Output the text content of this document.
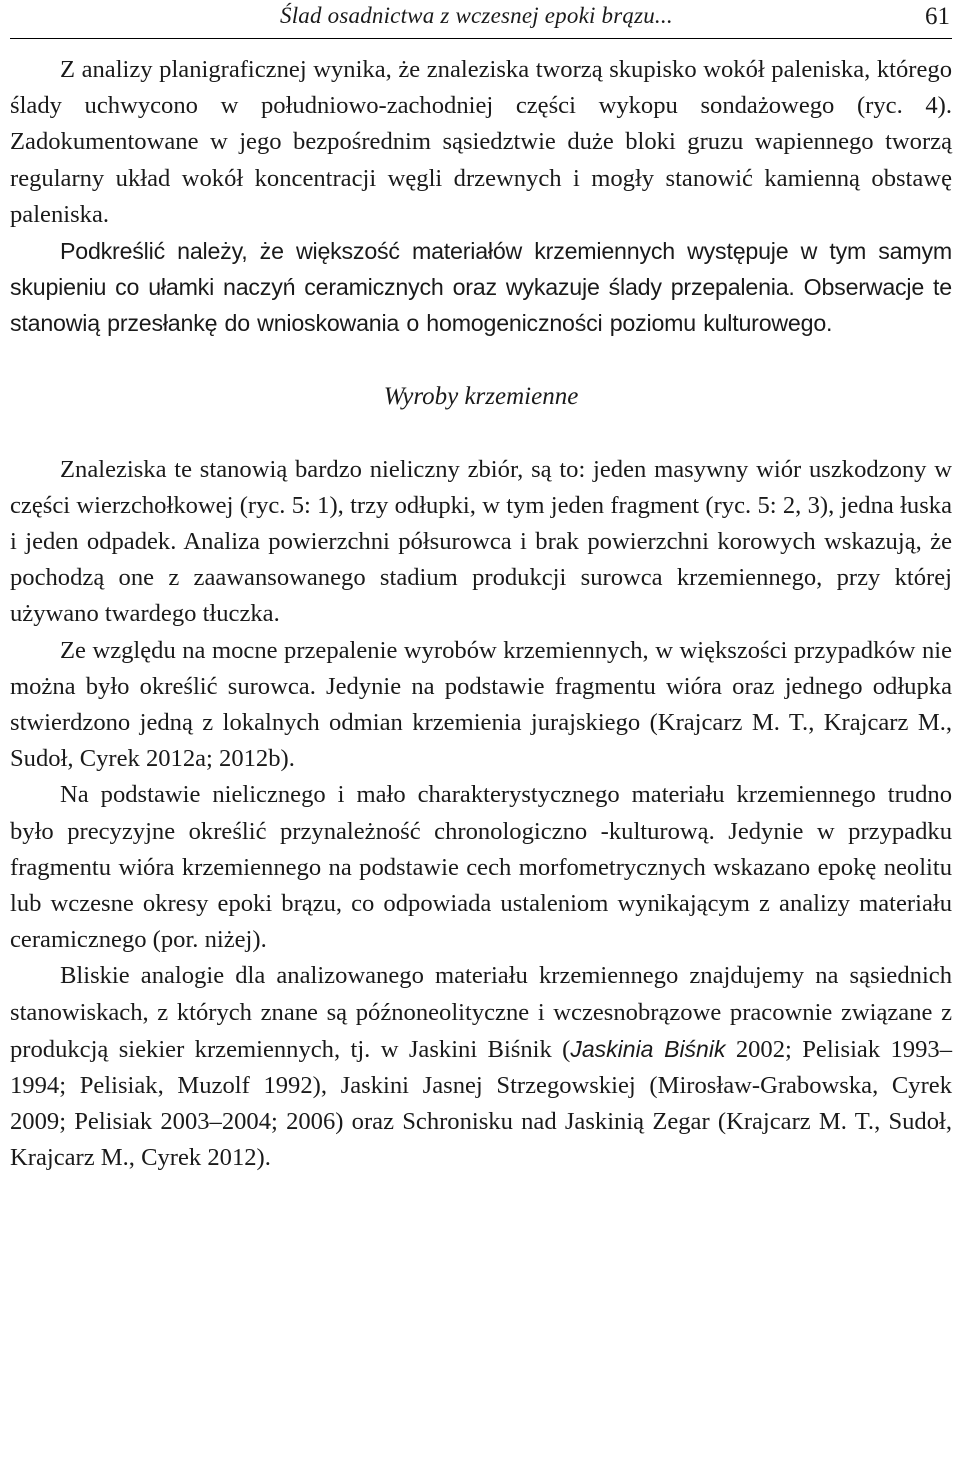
Ślad osadnictwa z wczesnej epoki brązu...	61

Z analizy planigraficznej wynika, że znaleziska tworzą skupisko wokół paleniska, którego ślady uchwycono w południowo-zachodniej części wykopu sondażowego (ryc. 4). Zadokumentowane w jego bezpośrednim sąsiedztwie duże bloki gruzu wapiennego tworzą regularny układ wokół koncentracji węgli drzewnych i mogły stanowić kamienną obstawę paleniska.

Podkreślić należy, że większość materiałów krzemiennych występuje w tym samym skupieniu co ułamki naczyń ceramicznych oraz wykazuje ślady przepalenia. Obserwacje te stanowią przesłankę do wnioskowania o homogeniczności poziomu kulturowego.

Wyroby krzemienne

Znaleziska te stanowią bardzo nieliczny zbiór, są to: jeden masywny wiór uszkodzony w części wierzchołkowej (ryc. 5: 1), trzy odłupki, w tym jeden fragment (ryc. 5: 2, 3), jedna łuska i jeden odpadek. Analiza powierzchni półsurowca i brak powierzchni korowych wskazują, że pochodzą one z zaawansowanego stadium produkcji surowca krzemiennego, przy której używano twardego tłuczka.

Ze względu na mocne przepalenie wyrobów krzemiennych, w większości przypadków nie można było określić surowca. Jedynie na podstawie fragmentu wióra oraz jednego odłupka stwierdzono jedną z lokalnych odmian krzemienia jurajskiego (Krajcarz M. T., Krajcarz M., Sudoł, Cyrek 2012a; 2012b).

Na podstawie nielicznego i mało charakterystycznego materiału krzemiennego trudno było precyzyjne określić przynależność chronologiczno -kulturową. Jedynie w przypadku fragmentu wióra krzemiennego na podstawie cech morfometrycznych wskazano epokę neolitu lub wczesne okresy epoki brązu, co odpowiada ustaleniom wynikającym z analizy materiału ceramicznego (por. niżej).

Bliskie analogie dla analizowanego materiału krzemiennego znajdujemy na sąsiednich stanowiskach, z których znane są późnoneolityczne i wczesnobrązowe pracownie związane z produkcją siekier krzemiennych, tj. w Jaskini Biśnik (Jaskinia Biśnik 2002; Pelisiak 1993–1994; Pelisiak, Muzolf 1992), Jaskini Jasnej Strzegowskiej (Mirosław-Grabowska, Cyrek 2009; Pelisiak 2003–2004; 2006) oraz Schronisku nad Jaskinią Zegar (Krajcarz M. T., Sudoł, Krajcarz M., Cyrek 2012).
